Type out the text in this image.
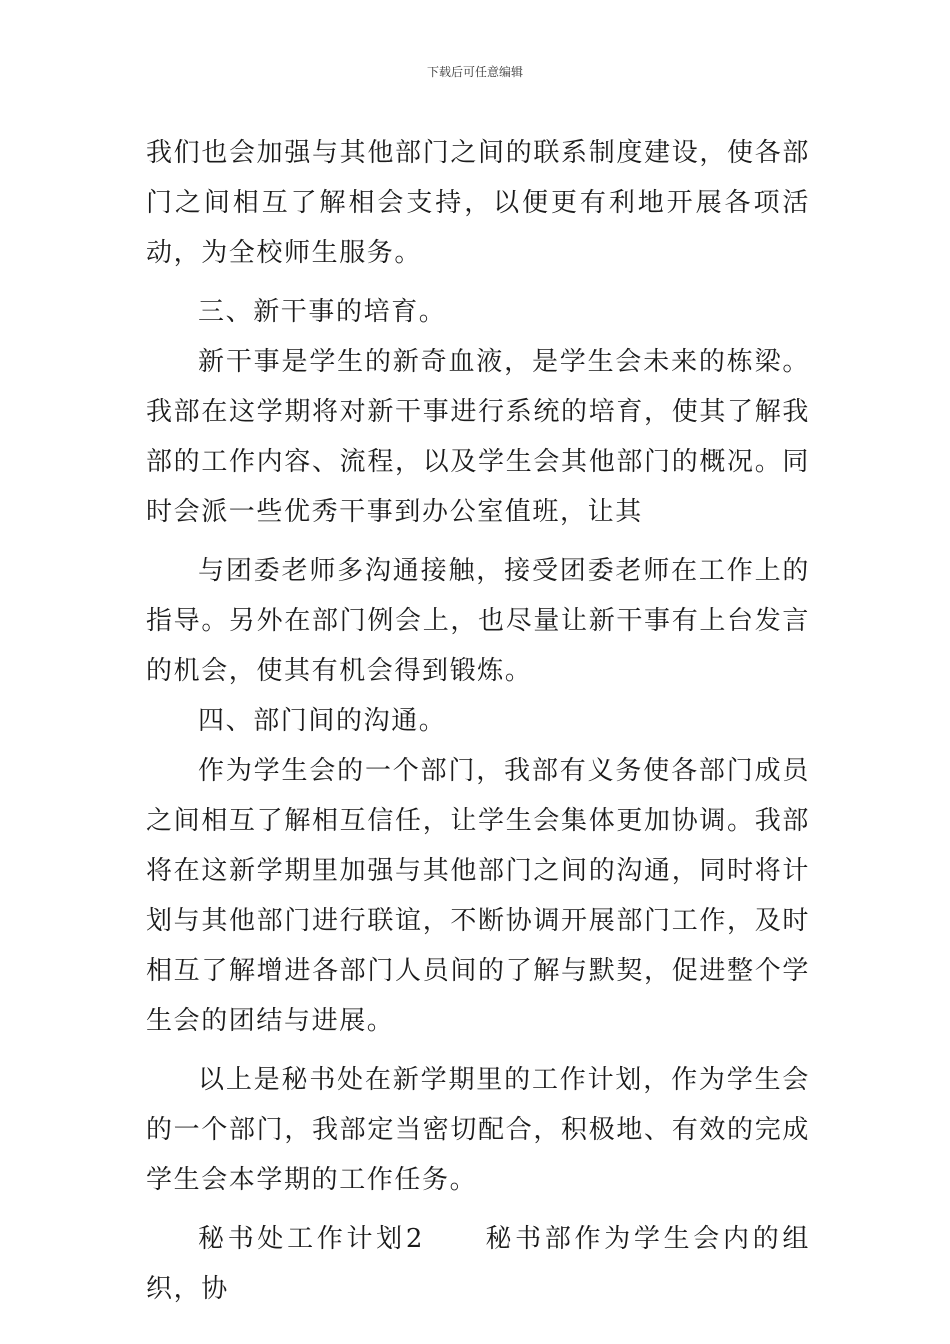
下载后可任意编辑

我们也会加强与其他部门之间的联系制度建设，使各部门之间相互了解相会支持，以便更有利地开展各项活动，为全校师生服务。

三、新干事的培育。

新干事是学生的新奇血液，是学生会未来的栋梁。我部在这学期将对新干事进行系统的培育，使其了解我部的工作内容、流程，以及学生会其他部门的概况。同时会派一些优秀干事到办公室值班，让其

与团委老师多沟通接触，接受团委老师在工作上的指导。另外在部门例会上，也尽量让新干事有上台发言的机会，使其有机会得到锻炼。

四、部门间的沟通。

作为学生会的一个部门，我部有义务使各部门成员之间相互了解相互信任，让学生会集体更加协调。我部将在这新学期里加强与其他部门之间的沟通，同时将计划与其他部门进行联谊，不断协调开展部门工作，及时相互了解增进各部门人员间的了解与默契，促进整个学生会的团结与进展。

以上是秘书处在新学期里的工作计划，作为学生会的一个部门，我部定当密切配合，积极地、有效的完成学生会本学期的工作任务。

秘书处工作计划2　　秘书部作为学生会内的组织，协
